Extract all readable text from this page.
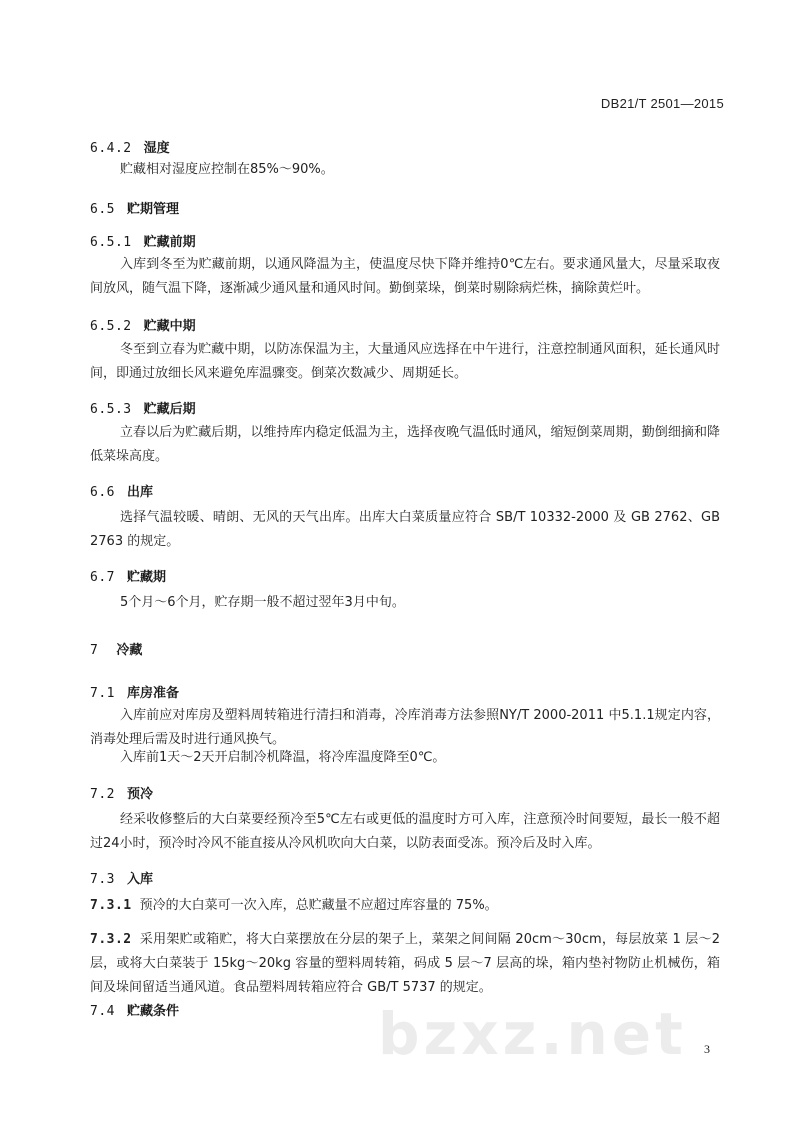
DB21/T 2501—2015
6.4.2 湿度
贮藏相对湿度应控制在85%～90%。
6.5 贮期管理
6.5.1 贮藏前期
入库到冬至为贮藏前期，以通风降温为主，使温度尽快下降并维持0℃左右。要求通风量大，尽量采取夜间放风，随气温下降，逐渐减少通风量和通风时间。勤倒菜垛，倒菜时剔除病烂株，摘除黄烂叶。
6.5.2 贮藏中期
冬至到立春为贮藏中期，以防冻保温为主，大量通风应选择在中午进行，注意控制通风面积，延长通风时间，即通过放细长风来避免库温骤变。倒菜次数减少、周期延长。
6.5.3 贮藏后期
立春以后为贮藏后期，以维持库内稳定低温为主，选择夜晚气温低时通风，缩短倒菜周期，勤倒细摘和降低菜垛高度。
6.6 出库
选择气温较暖、晴朗、无风的天气出库。出库大白菜质量应符合 SB/T 10332-2000 及 GB 2762、GB 2763 的规定。
6.7 贮藏期
5个月～6个月，贮存期一般不超过翌年3月中旬。
7 冷藏
7.1 库房准备
入库前应对库房及塑料周转箱进行清扫和消毒，冷库消毒方法参照NY/T 2000-2011 中5.1.1规定内容，消毒处理后需及时进行通风换气。
入库前1天～2天开启制冷机降温，将冷库温度降至0℃。
7.2 预冷
经采收修整后的大白菜要经预冷至5℃左右或更低的温度时方可入库，注意预冷时间要短，最长一般不超过24小时，预冷时冷风不能直接从冷风机吹向大白菜，以防表面受冻。预冷后及时入库。
7.3 入库
7.3.1 预冷的大白菜可一次入库，总贮藏量不应超过库容量的 75%。
7.3.2 采用架贮或箱贮，将大白菜摆放在分层的架子上，菜架之间间隔 20cm～30cm，每层放菜 1 层～2 层，或将大白菜装于 15kg～20kg 容量的塑料周转箱，码成 5 层～7 层高的垛，箱内垫衬物防止机械伤，箱间及垛间留适当通风道。食品塑料周转箱应符合 GB/T 5737 的规定。
7.4 贮藏条件	bzxz.net 3
